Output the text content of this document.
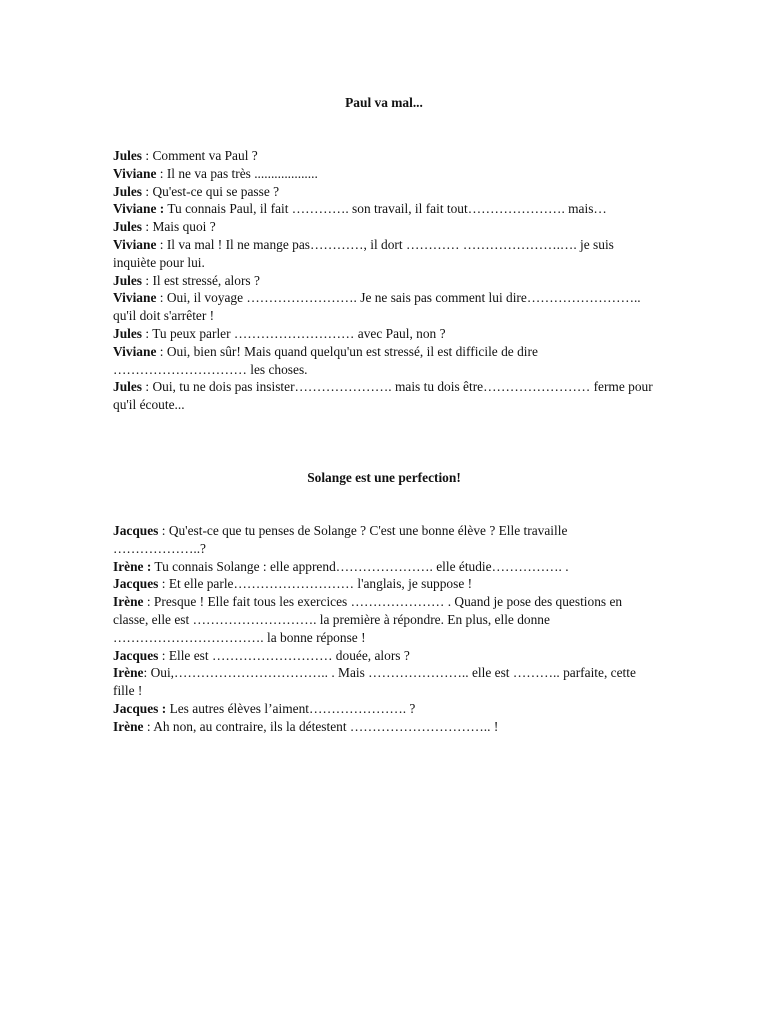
Paul va mal...

Jules : Comment va Paul ?

Viviane : Il ne va pas très ...................

Jules : Qu'est-ce qui se passe ?

Viviane : Tu connais Paul, il fait …………. son travail, il fait tout…………………. mais…

Jules : Mais quoi ?

Viviane : Il va mal ! Il ne mange pas…………, il dort ………… ………………….…. je suis inquiète pour lui.

Jules : Il est stressé, alors ?

Viviane : Oui, il voyage ……………………. Je ne sais pas comment lui dire…………………….. qu'il doit s'arrêter !

Jules : Tu peux parler ……………………… avec Paul, non ?

Viviane : Oui, bien sûr! Mais quand quelqu'un est stressé, il est difficile de dire ………………………… les choses.

Jules : Oui, tu ne dois pas insister…………………. mais tu dois être…………………… ferme pour qu'il écoute...

Solange est une perfection!

Jacques : Qu'est-ce que tu penses de Solange ? C'est une bonne élève ? Elle travaille ………………..?

Irène : Tu connais Solange : elle apprend…………………. elle étudie……………. .

Jacques : Et elle parle……………………… l'anglais, je suppose !

Irène : Presque ! Elle fait tous les exercices ………………… . Quand je pose des questions en classe, elle est ………………………. la première à répondre. En plus, elle donne ……………………………. la bonne réponse !

Jacques : Elle est ……………………… douée, alors ?

Irène: Oui,…………………………….. . Mais ………………….. elle est ……….. parfaite, cette fille !

Jacques : Les autres élèves l’aiment…………………. ?

Irène : Ah non, au contraire, ils la détestent ………………………….. !
